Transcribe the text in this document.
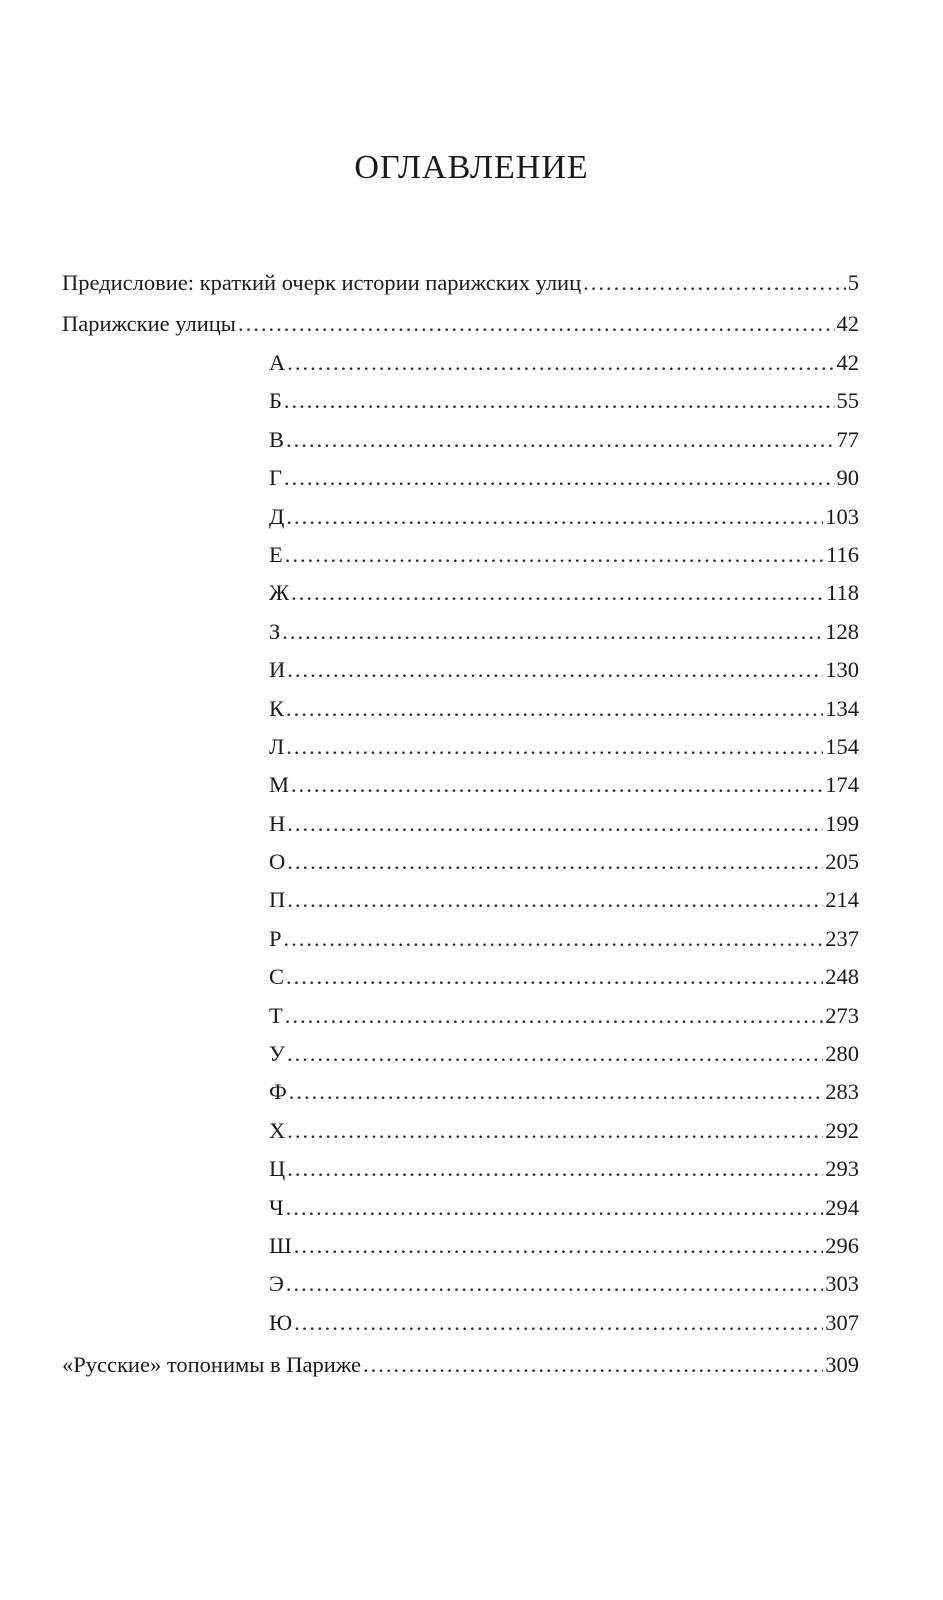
ОГЛАВЛЕНИЕ
Предисловие: краткий очерк истории парижских улиц .....	5
Парижские улицы .....	42
А .....	42
Б .....	55
В .....	77
Г .....	90
Д .....	103
Е .....	116
Ж .....	118
З .....	128
И .....	130
К .....	134
Л .....	154
М .....	174
Н .....	199
О .....	205
П .....	214
Р .....	237
С .....	248
Т .....	273
У .....	280
Ф .....	283
Х .....	292
Ц .....	293
Ч .....	294
Ш .....	296
Э .....	303
Ю .....	307
«Русские» топонимы в Париже .....	309
